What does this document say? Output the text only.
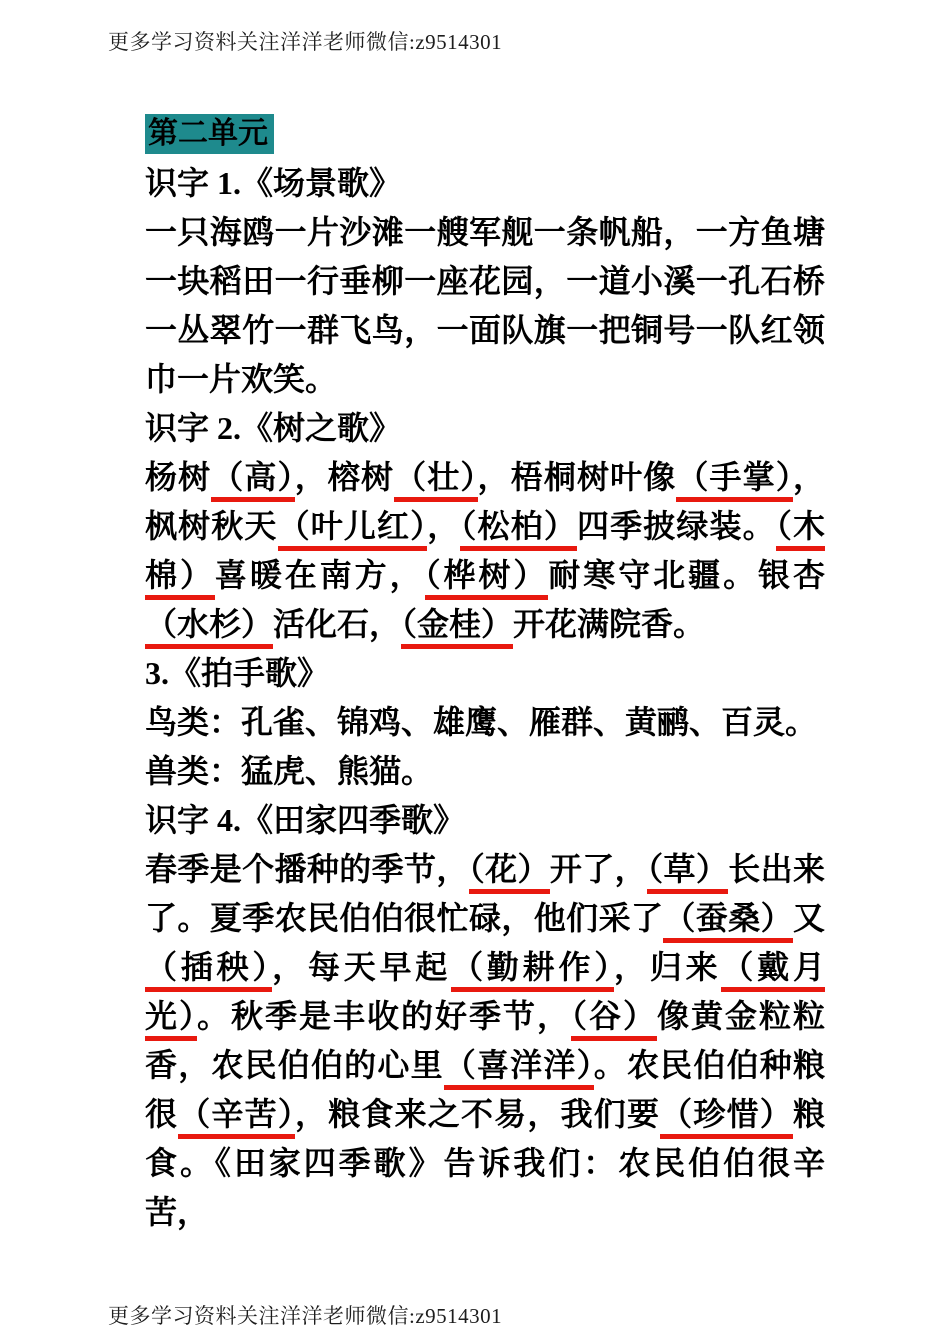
更多学习资料关注洋洋老师微信:z9514301
第二单元
识字 1.《场景歌》

一只海鸥一片沙滩一艘军舰一条帆船，一方鱼塘一块稻田一行垂柳一座花园，一道小溪一孔石桥一丛翠竹一群飞鸟，一面队旗一把铜号一队红领巾一片欢笑。

识字 2.《树之歌》

杨树（高），榕树（壮），梧桐树叶像（手掌），枫树秋天（叶儿红），（松柏）四季披绿装。（木棉）喜暖在南方，（桦树）耐寒守北疆。银杏（水杉）活化石，（金桂）开花满院香。

3.《拍手歌》

鸟类：孔雀、锦鸡、雄鹰、雁群、黄鹂、百灵。

兽类：猛虎、熊猫。

识字 4.《田家四季歌》

春季是个播种的季节，（花）开了，（草）长出来了。夏季农民伯伯很忙碌，他们采了（蚕桑）又（插秧），每天早起（勤耕作），归来（戴月光）。秋季是丰收的好季节，（谷）像黄金粒粒香，农民伯伯的心里（喜洋洋）。农民伯伯种粮很（辛苦），粮食来之不易，我们要（珍惜）粮食。《田家四季歌》告诉我们：农民伯伯很辛苦，

更多学习资料关注洋洋老师微信:z9514301
